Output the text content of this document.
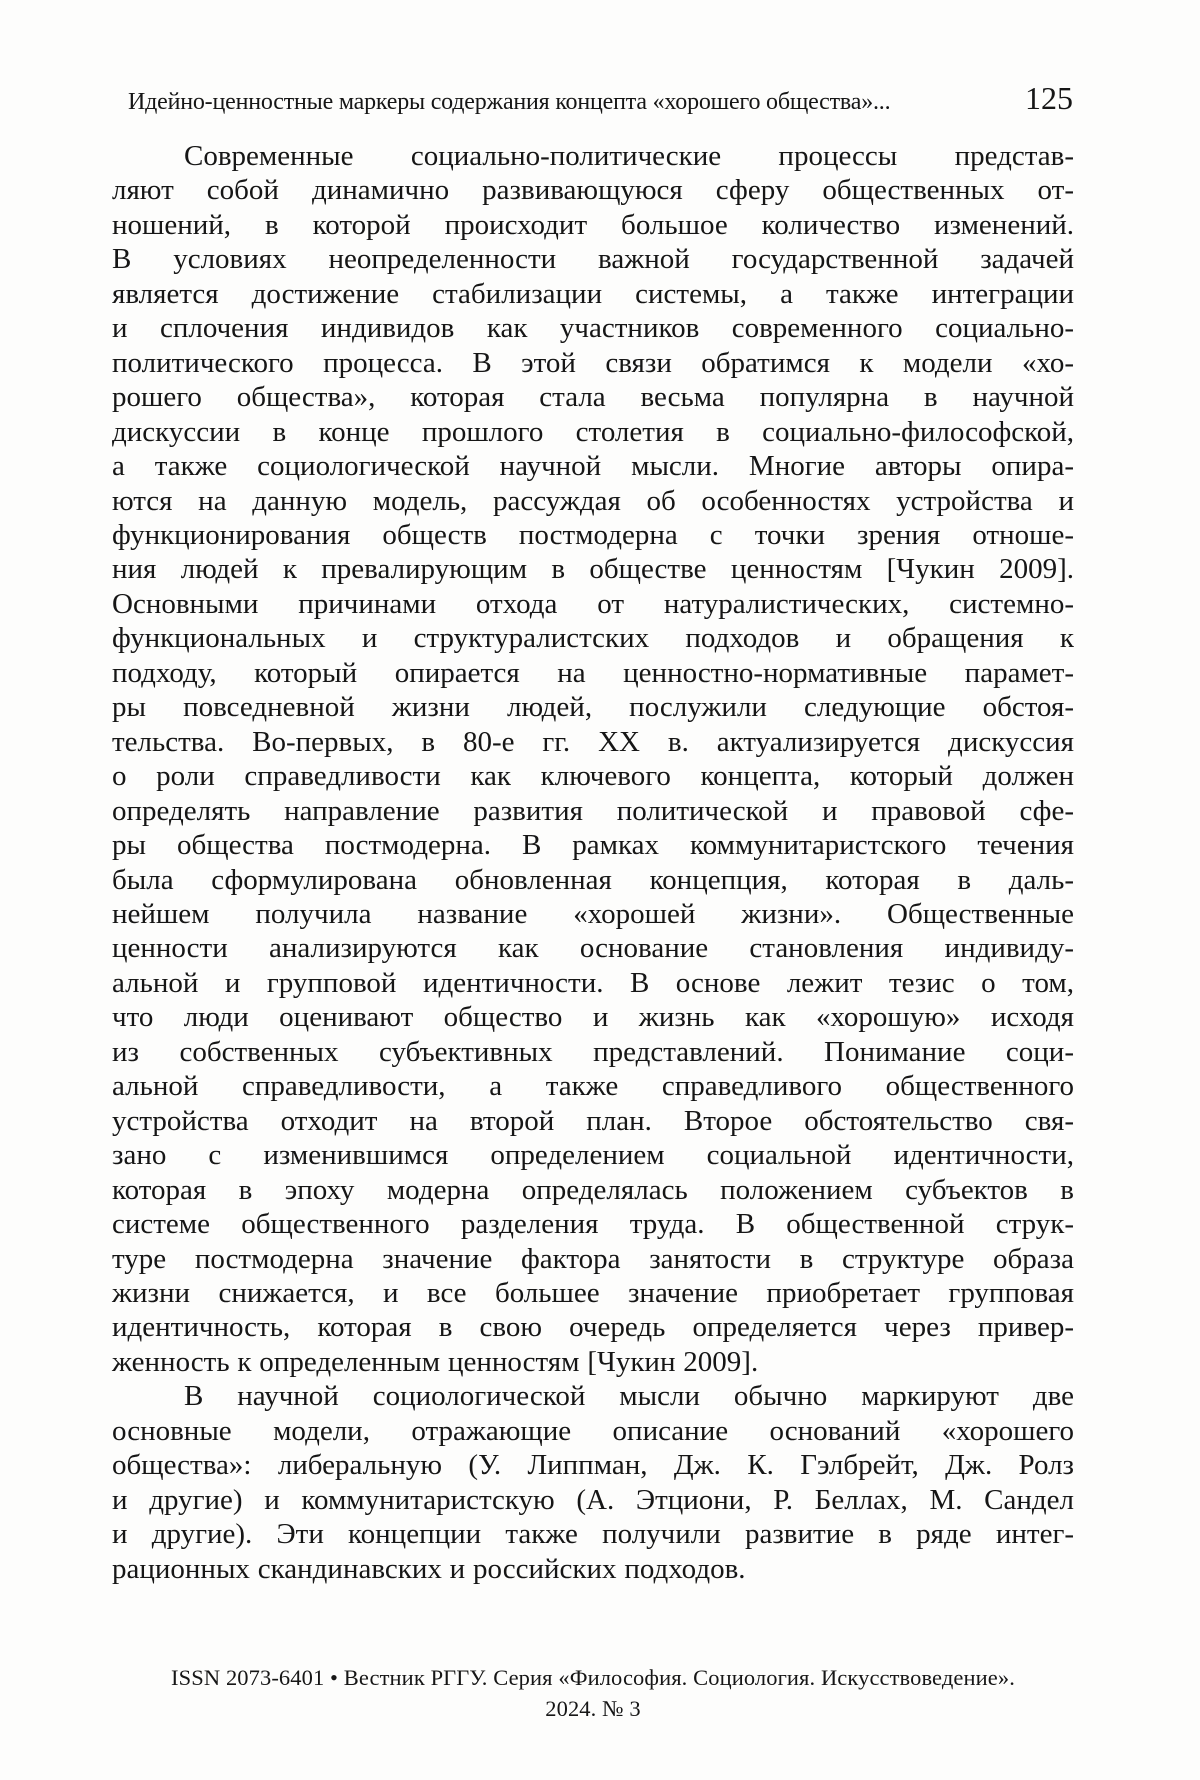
Идейно-ценностные маркеры содержания концепта «хорошего общества»...	125
Современные социально-политические процессы представ-
ляют собой динамично развивающуюся сферу общественных от-
ношений, в которой происходит большое количество изменений.
В условиях неопределенности важной государственной задачей
является достижение стабилизации системы, а также интеграции
и сплочения индивидов как участников современного социально-
политического процесса. В этой связи обратимся к модели «хо-
рошего общества», которая стала весьма популярна в научной
дискуссии в конце прошлого столетия в социально-философской,
а также социологической научной мысли. Многие авторы опира-
ются на данную модель, рассуждая об особенностях устройства и
функционирования обществ постмодерна с точки зрения отноше-
ния людей к превалирующим в обществе ценностям [Чукин 2009].
Основными причинами отхода от натуралистических, системно-
функциональных и структуралистских подходов и обращения к
подходу, который опирается на ценностно-нормативные парамет-
ры повседневной жизни людей, послужили следующие обстоя-
тельства. Во-первых, в 80-е гг. XX в. актуализируется дискуссия
о роли справедливости как ключевого концепта, который должен
определять направление развития политической и правовой сфе-
ры общества постмодерна. В рамках коммунитаристского течения
была сформулирована обновленная концепция, которая в даль-
нейшем получила название «хорошей жизни». Общественные
ценности анализируются как основание становления индивиду-
альной и групповой идентичности. В основе лежит тезис о том,
что люди оценивают общество и жизнь как «хорошую» исходя
из собственных субъективных представлений. Понимание соци-
альной справедливости, а также справедливого общественного
устройства отходит на второй план. Второе обстоятельство свя-
зано с изменившимся определением социальной идентичности,
которая в эпоху модерна определялась положением субъектов в
системе общественного разделения труда. В общественной струк-
туре постмодерна значение фактора занятости в структуре образа
жизни снижается, и все большее значение приобретает групповая
идентичность, которая в свою очередь определяется через привер-
женность к определенным ценностям [Чукин 2009].
В научной социологической мысли обычно маркируют две
основные модели, отражающие описание оснований «хорошего
общества»: либеральную (У. Липпман, Дж. К. Гэлбрейт, Дж. Ролз
и другие) и коммунитаристскую (А. Этциони, Р. Беллах, М. Сандел
и другие). Эти концепции также получили развитие в ряде интег-
рационных скандинавских и российских подходов.
ISSN 2073-6401 • Вестник РГГУ. Серия «Философия. Социология. Искусствоведение».
2024. № 3
